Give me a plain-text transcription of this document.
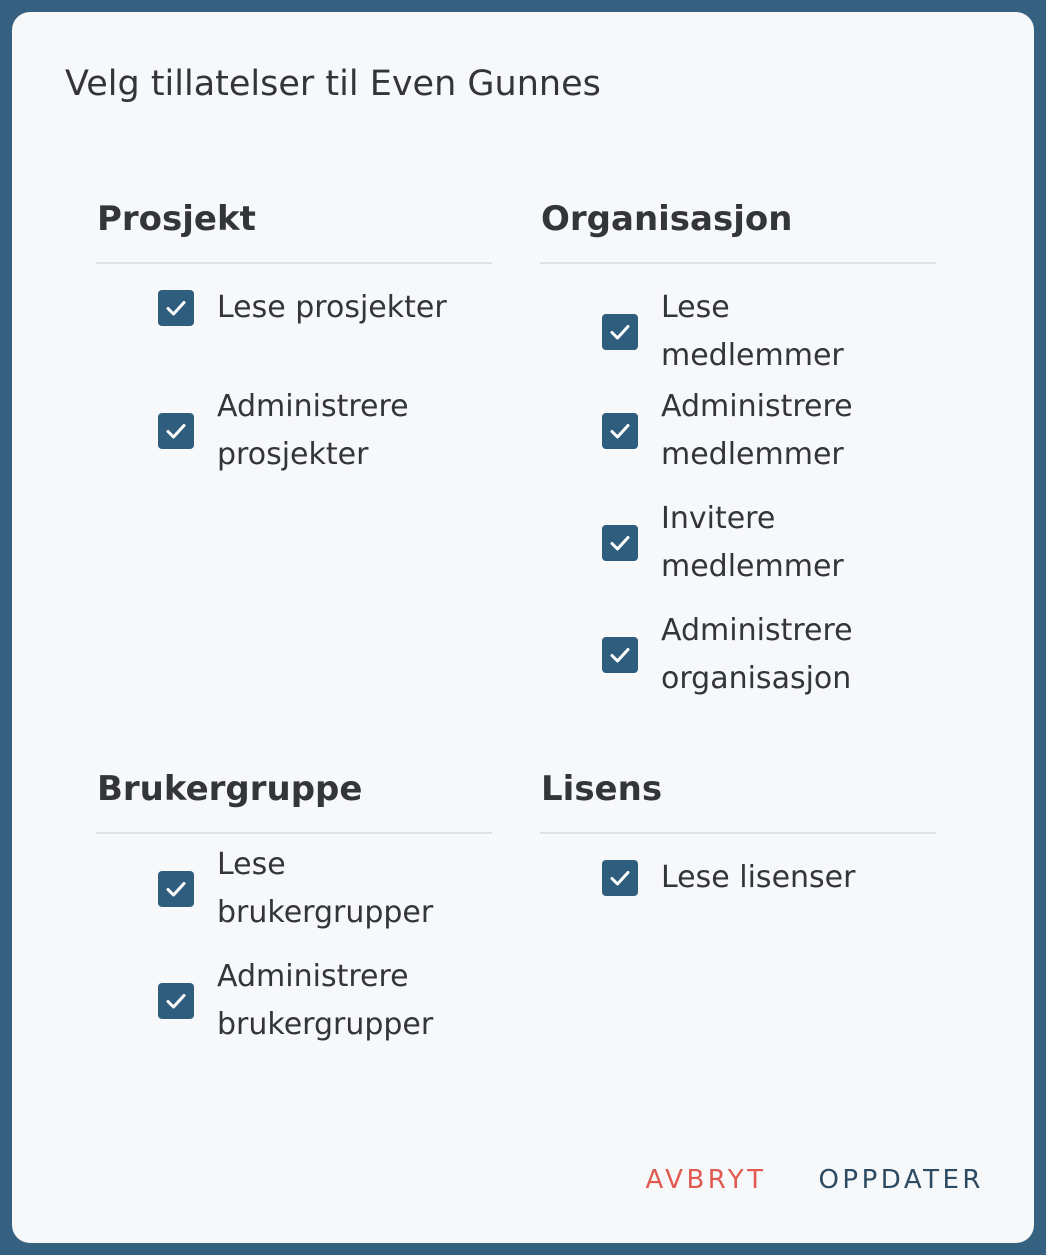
Velg tillatelser til Even Gunnes
Prosjekt
Lese prosjekter
Administrere prosjekter
Organisasjon
Lese medlemmer
Administrere medlemmer
Invitere medlemmer
Administrere organisasjon
Brukergruppe
Lese brukergrupper
Administrere brukergrupper
Lisens
Lese lisenser
AVBRYT OPPDATER
